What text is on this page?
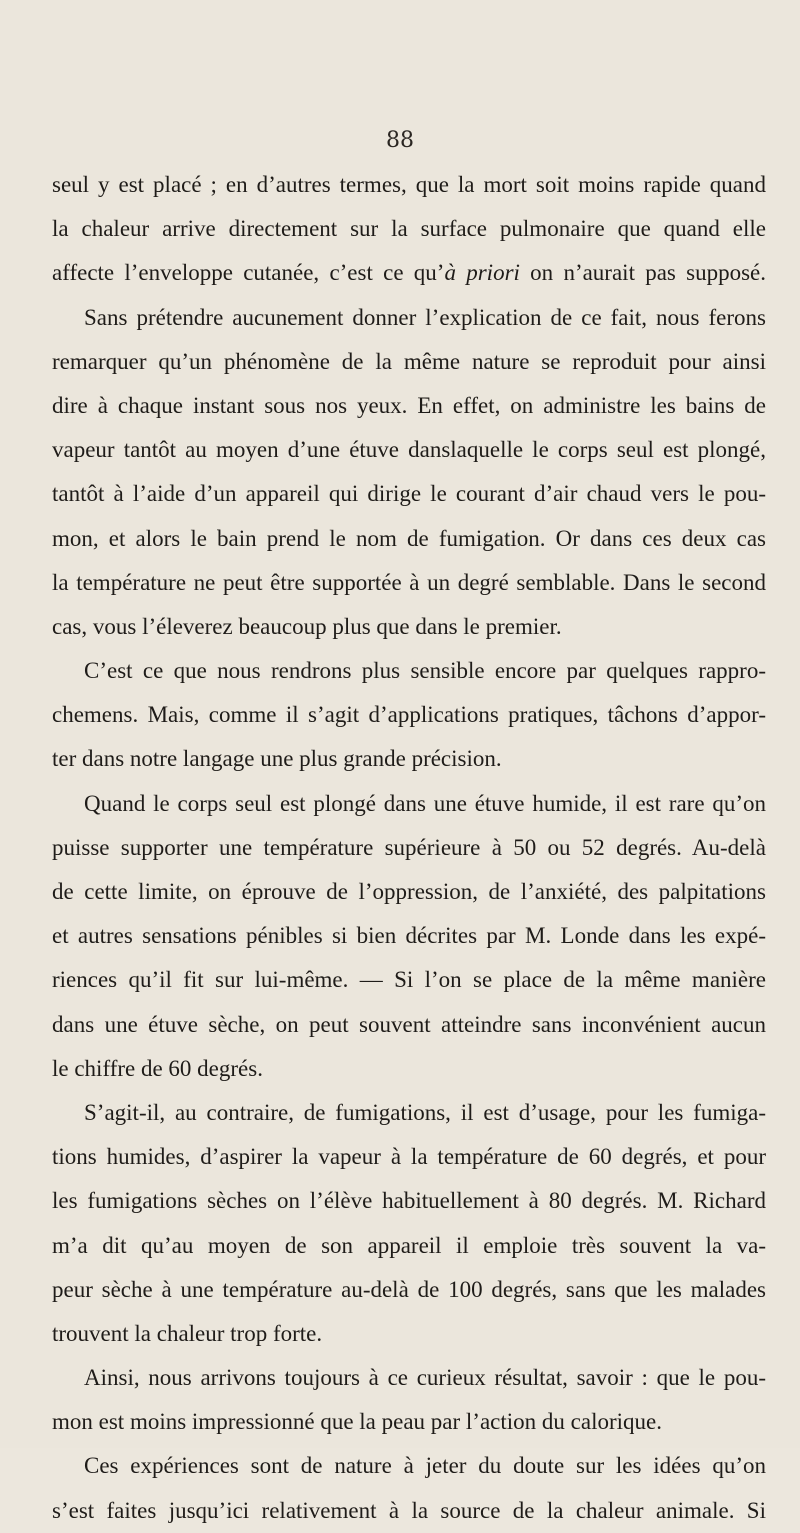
88
seul y est placé ; en d’autres termes, que la mort soit moins rapide quand
la chaleur arrive directement sur la surface pulmonaire que quand elle
affecte l’enveloppe cutanée, c’est ce qu’à priori on n’aurait pas supposé.
Sans prétendre aucunement donner l’explication de ce fait, nous ferons
remarquer qu’un phénomène de la même nature se reproduit pour ainsi
dire à chaque instant sous nos yeux. En effet, on administre les bains de
vapeur tantôt au moyen d’une étuve danslaquelle le corps seul est plongé,
tantôt à l’aide d’un appareil qui dirige le courant d’air chaud vers le pou-
mon, et alors le bain prend le nom de fumigation. Or dans ces deux cas
la température ne peut être supportée à un degré semblable. Dans le second
cas, vous l’éleverez beaucoup plus que dans le premier.
C’est ce que nous rendrons plus sensible encore par quelques rappro-
chemens. Mais, comme il s’agit d’applications pratiques, tâchons d’appor-
ter dans notre langage une plus grande précision.
Quand le corps seul est plongé dans une étuve humide, il est rare qu’on
puisse supporter une température supérieure à 50 ou 52 degrés. Au-delà
de cette limite, on éprouve de l’oppression, de l’anxiété, des palpitations
et autres sensations pénibles si bien décrites par M. Londe dans les expé-
riences qu’il fit sur lui-même. — Si l’on se place de la même manière
dans une étuve sèche, on peut souvent atteindre sans inconvénient aucun
le chiffre de 60 degrés.
S’agit-il, au contraire, de fumigations, il est d’usage, pour les fumiga-
tions humides, d’aspirer la vapeur à la température de 60 degrés, et pour
les fumigations sèches on l’élève habituellement à 80 degrés. M. Richard
m’a dit qu’au moyen de son appareil il emploie très souvent la va-
peur sèche à une température au-delà de 100 degrés, sans que les malades
trouvent la chaleur trop forte.
Ainsi, nous arrivons toujours à ce curieux résultat, savoir : que le pou-
mon est moins impressionné que la peau par l’action du calorique.
Ces expériences sont de nature à jeter du doute sur les idées qu’on
s’est faites jusqu’ici relativement à la source de la chaleur animale. Si
